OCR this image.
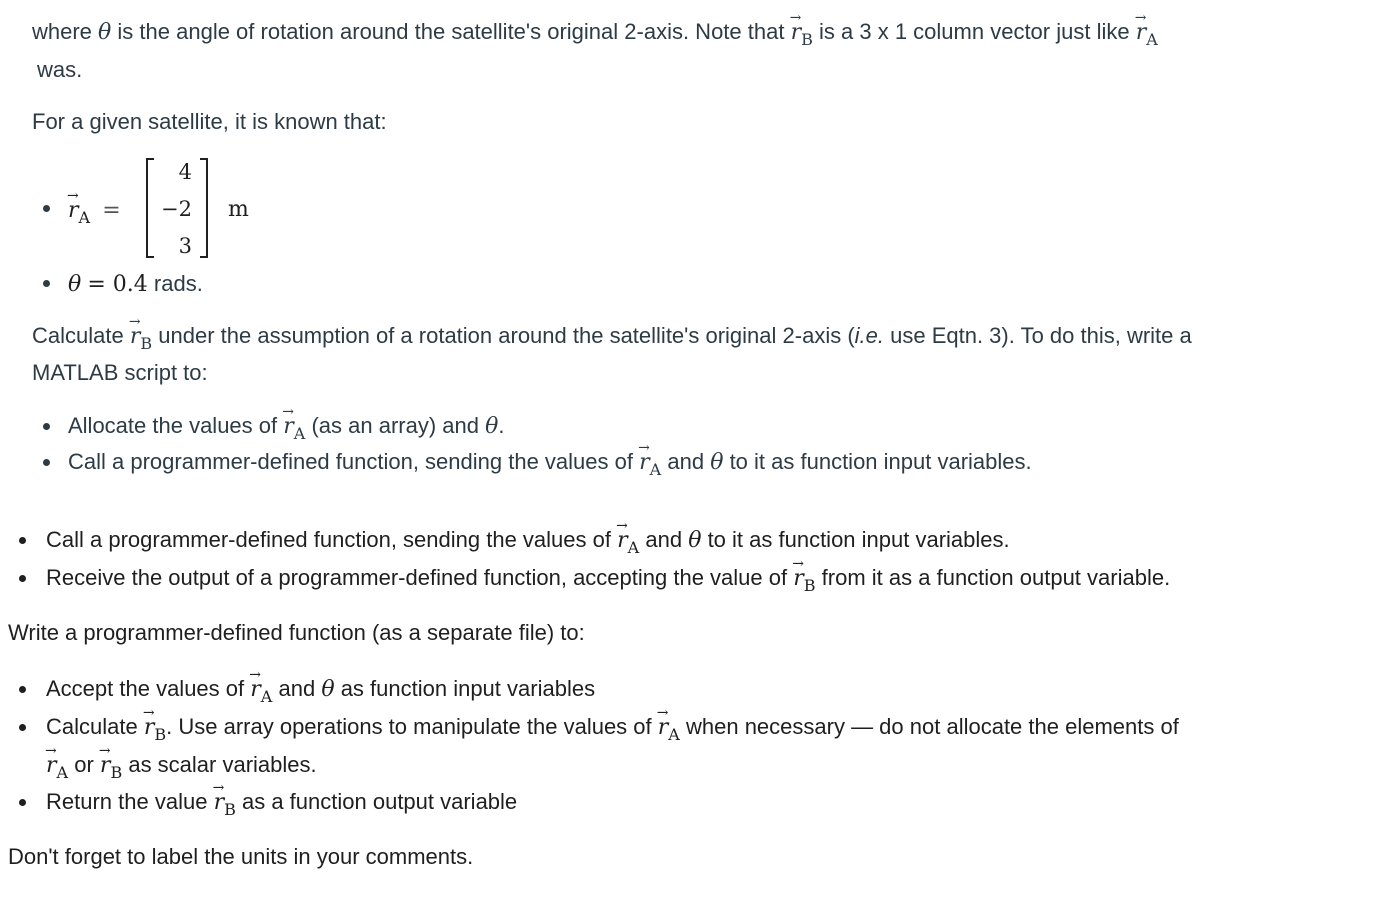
where θ is the angle of rotation around the satellite's original 2-axis. Note that → $r_B$ is a 3 x 1 column vector just like → $r_A$
was.
For a given satellite, it is known that:
→ $r_A$ =
4
−2
3
m
θ = 0.4 rads.
Calculate → $r_B$ under the assumption of a rotation around the satellite's original 2-axis (i.e. use Eqtn. 3). To do this, write a
MATLAB script to:
Allocate the values of → $r_A$ (as an array) and θ.
Call a programmer-defined function, sending the values of → $r_A$ and θ to it as function input variables.
Call a programmer-defined function, sending the values of → $r_A$ and θ to it as function input variables.
Receive the output of a programmer-defined function, accepting the value of → $r_B$ from it as a function output variable.
Write a programmer-defined function (as a separate file) to:
Accept the values of → $r_A$ and θ as function input variables
Calculate → $r_B$. Use array operations to manipulate the values of → $r_A$ when necessary — do not allocate the elements of
→ $r_A$ or → $r_B$ as scalar variables.
Return the value → $r_B$ as a function output variable
Don't forget to label the units in your comments.
